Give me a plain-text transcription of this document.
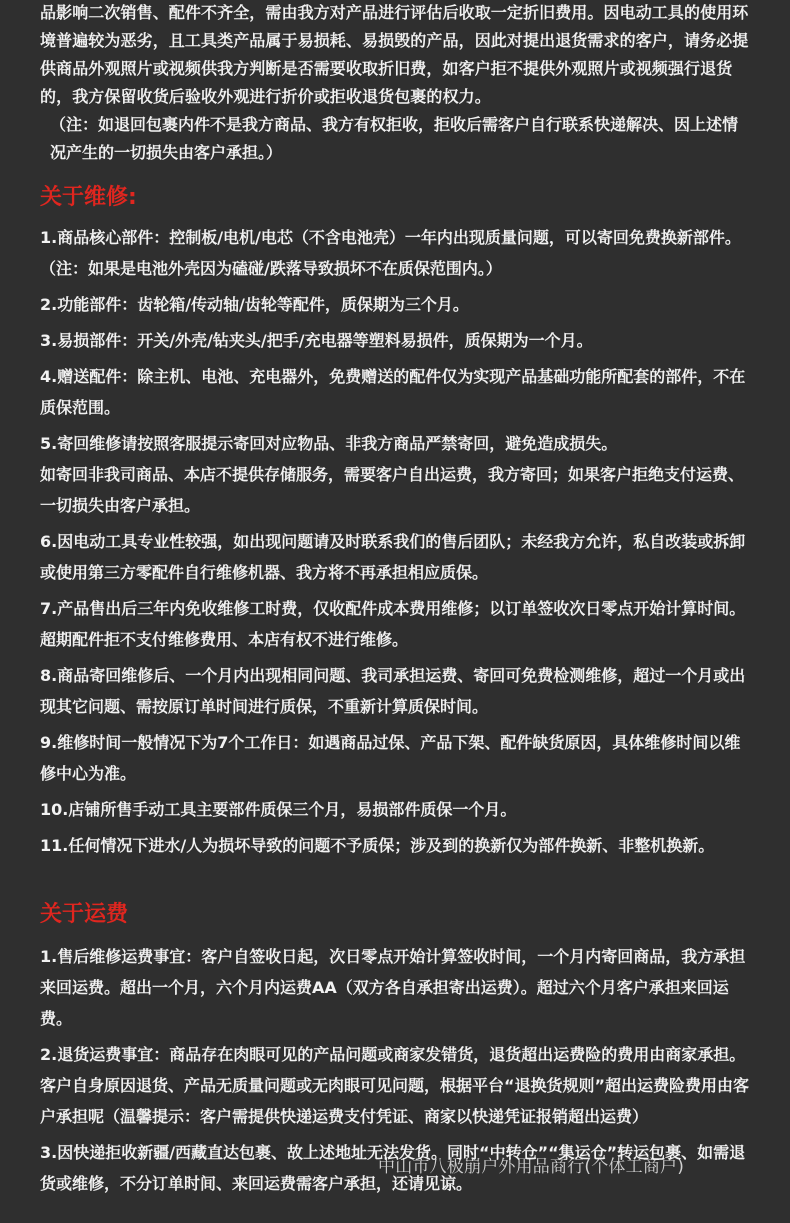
品影响二次销售、配件不齐全，需由我方对产品进行评估后收取一定折旧费用。因电动工具的使用环境普遍较为恶劣，且工具类产品属于易损耗、易损毁的产品，因此对提出退货需求的客户，请务必提供商品外观照片或视频供我方判断是否需要收取折旧费，如客户拒不提供外观照片或视频强行退货的，我方保留收货后验收外观进行折价或拒收退货包裹的权力。
（注：如退回包裹内件不是我方商品、我方有权拒收，拒收后需客户自行联系快递解决、因上述情况产生的一切损失由客户承担。）
关于维修:
1.商品核心部件：控制板/电机/电芯（不含电池壳）一年内出现质量问题，可以寄回免费换新部件。（注：如果是电池外壳因为磕碰/跌落导致损坏不在质保范围内。）
2.功能部件：齿轮箱/传动轴/齿轮等配件，质保期为三个月。
3.易损部件：开关/外壳/钻夹头/把手/充电器等塑料易损件，质保期为一个月。
4.赠送配件：除主机、电池、充电器外，免费赠送的配件仅为实现产品基础功能所配套的部件，不在质保范围。
5.寄回维修请按照客服提示寄回对应物品、非我方商品严禁寄回，避免造成损失。
如寄回非我司商品、本店不提供存储服务，需要客户自出运费，我方寄回；如果客户拒绝支付运费、一切损失由客户承担。
6.因电动工具专业性较强，如出现问题请及时联系我们的售后团队；未经我方允许，私自改装或拆卸或使用第三方零配件自行维修机器、我方将不再承担相应质保。
7.产品售出后三年内免收维修工时费，仅收配件成本费用维修；以订单签收次日零点开始计算时间。超期配件拒不支付维修费用、本店有权不进行维修。
8.商品寄回维修后、一个月内出现相同问题、我司承担运费、寄回可免费检测维修，超过一个月或出现其它问题、需按原订单时间进行质保，不重新计算质保时间。
9.维修时间一般情况下为7个工作日：如遇商品过保、产品下架、配件缺货原因，具体维修时间以维修中心为准。
10.店铺所售手动工具主要部件质保三个月，易损部件质保一个月。
11.任何情况下进水/人为损坏导致的问题不予质保；涉及到的换新仅为部件换新、非整机换新。
关于运费
1.售后维修运费事宜：客户自签收日起，次日零点开始计算签收时间，一个月内寄回商品，我方承担来回运费。超出一个月，六个月内运费AA（双方各自承担寄出运费）。超过六个月客户承担来回运费。
2.退货运费事宜：商品存在肉眼可见的产品问题或商家发错货，退货超出运费险的费用由商家承担。客户自身原因退货、产品无质量问题或无肉眼可见问题，根据平台“退换货规则”超出运费险费用由客户承担呢（温馨提示：客户需提供快递运费支付凭证、商家以快递凭证报销超出运费）
3.因快递拒收新疆/西藏直达包裹、故上述地址无法发货。同时“中转仓”“集运仓”转运包裹、如需退货或维修，不分订单时间、来回运费需客户承担，还请见谅。
中山市八极崩户外用品商行(个体工商户)
